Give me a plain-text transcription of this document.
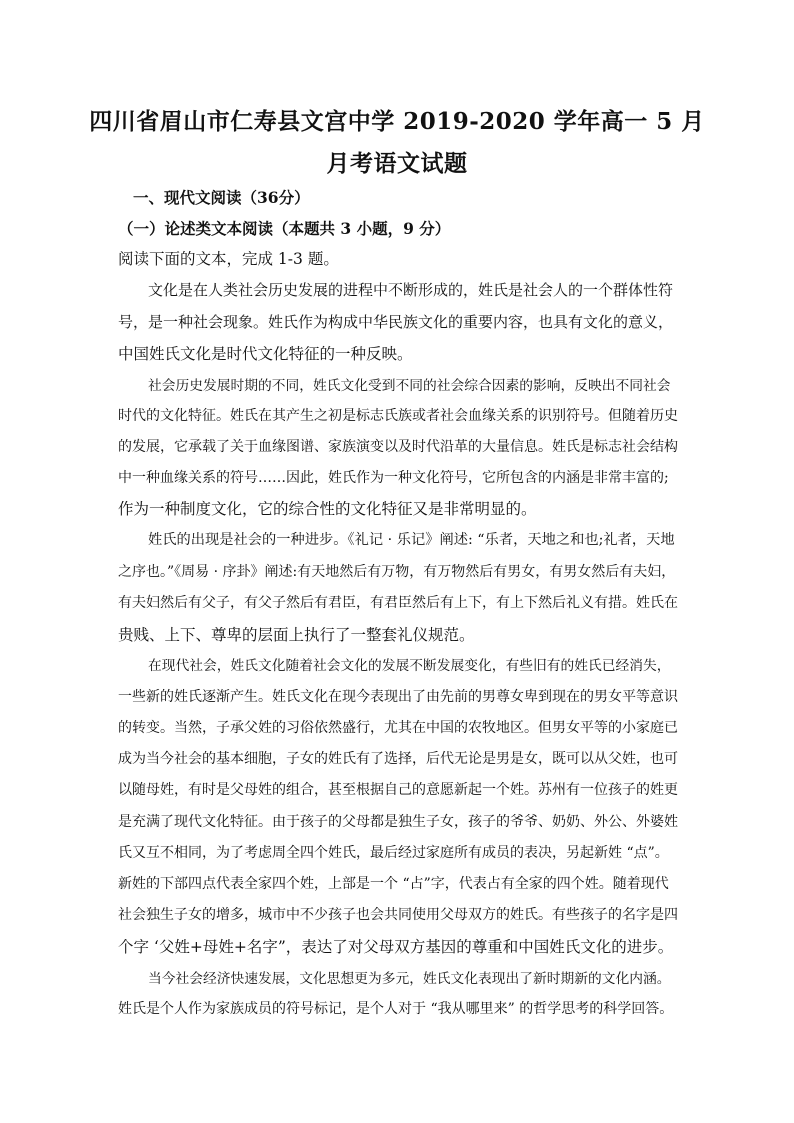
四川省眉山市仁寿县文宫中学 2019-2020 学年高一 5 月
月考语文试题
一、现代文阅读（36分）
（一）论述类文本阅读（本题共 3 小题，9 分）
阅读下面的文本，完成 1-3 题。
文化是在人类社会历史发展的进程中不断形成的，姓氏是社会人的一个群体性符
号，是一种社会现象。姓氏作为构成中华民族文化的重要内容，也具有文化的意义，
中国姓氏文化是时代文化特征的一种反映。
社会历史发展时期的不同，姓氏文化受到不同的社会综合因素的影响，反映出不同社会
时代的文化特征。姓氏在其产生之初是标志氏族或者社会血缘关系的识别符号。但随着历史
的发展，它承载了关于血缘图谱、家族演变以及时代沿革的大量信息。姓氏是标志社会结构
中一种血缘关系的符号……因此，姓氏作为一种文化符号，它所包含的内涵是非常丰富的;
作为一种制度文化，它的综合性的文化特征又是非常明显的。
姓氏的出现是社会的一种进步。《礼记 · 乐记》阐述: “乐者，天地之和也;礼者，天地
之序也。”《周易 · 序卦》阐述:有天地然后有万物，有万物然后有男女，有男女然后有夫妇，
有夫妇然后有父子，有父子然后有君臣，有君臣然后有上下，有上下然后礼义有措。姓氏在
贵贱、上下、尊卑的层面上执行了一整套礼仪规范。
在现代社会，姓氏文化随着社会文化的发展不断发展变化，有些旧有的姓氏已经消失，
一些新的姓氏逐渐产生。姓氏文化在现今表现出了由先前的男尊女卑到现在的男女平等意识
的转变。当然，子承父姓的习俗依然盛行，尤其在中国的农牧地区。但男女平等的小家庭已
成为当今社会的基本细胞，子女的姓氏有了选择，后代无论是男是女，既可以从父姓，也可
以随母姓，有时是父母姓的组合，甚至根据自己的意愿新起一个姓。苏州有一位孩子的姓更
是充满了现代文化特征。由于孩子的父母都是独生子女，孩子的爷爷、奶奶、外公、外婆姓
氏又互不相同，为了考虑周全四个姓氏，最后经过家庭所有成员的表决，另起新姓 “点”。
新姓的下部四点代表全家四个姓，上部是一个 “占”字，代表占有全家的四个姓。随着现代
社会独生子女的增多，城市中不少孩子也会共同使用父母双方的姓氏。有些孩子的名字是四
个字 ‘父姓+母姓+名字”，表达了对父母双方基因的尊重和中国姓氏文化的进步。
当今社会经济快速发展，文化思想更为多元，姓氏文化表现出了新时期新的文化内涵。
姓氏是个人作为家族成员的符号标记，是个人对于 “我从哪里来” 的哲学思考的科学回答。
